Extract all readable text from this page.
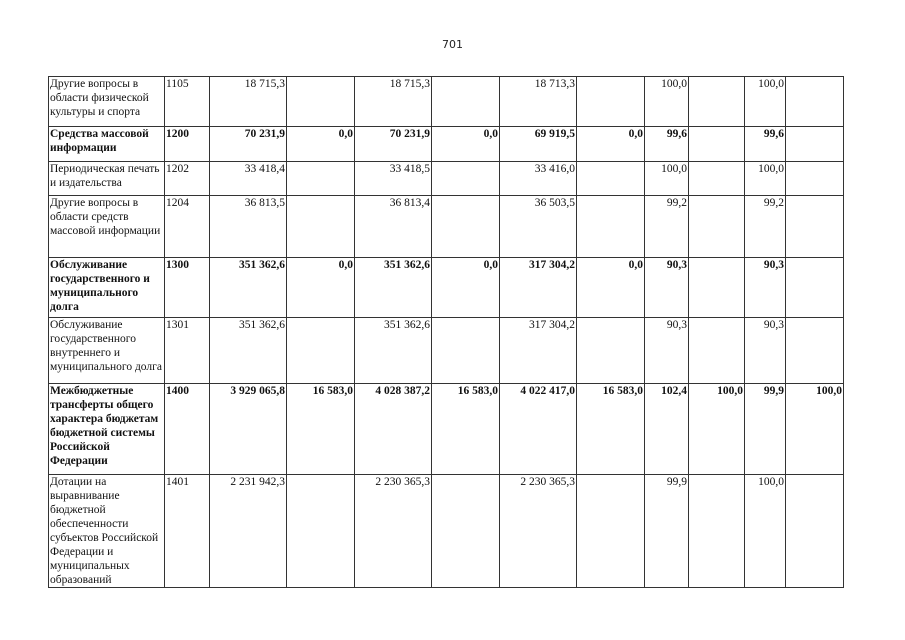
701
Другие вопросы в области физической культуры и спорта	1105	18 715,3		18 715,3		18 713,3		100,0		100,0	
Средства массовой информации	1200	70 231,9	0,0	70 231,9	0,0	69 919,5	0,0	99,6		99,6	
Периодическая печать и издательства	1202	33 418,4		33 418,5		33 416,0		100,0		100,0	
Другие вопросы в области средств массовой информации	1204	36 813,5		36 813,4		36 503,5		99,2		99,2	
Обслуживание государственного и муниципального долга	1300	351 362,6	0,0	351 362,6	0,0	317 304,2	0,0	90,3		90,3	
Обслуживание государственного внутреннего и муниципального долга	1301	351 362,6		351 362,6		317 304,2		90,3		90,3	
Межбюджетные трансферты общего характера бюджетам бюджетной системы Российской Федерации	1400	3 929 065,8	16 583,0	4 028 387,2	16 583,0	4 022 417,0	16 583,0	102,4	100,0	99,9	100,0
Дотации на выравнивание бюджетной обеспеченности субъектов Российской Федерации и муниципальных образований	1401	2 231 942,3		2 230 365,3		2 230 365,3		99,9		100,0	
